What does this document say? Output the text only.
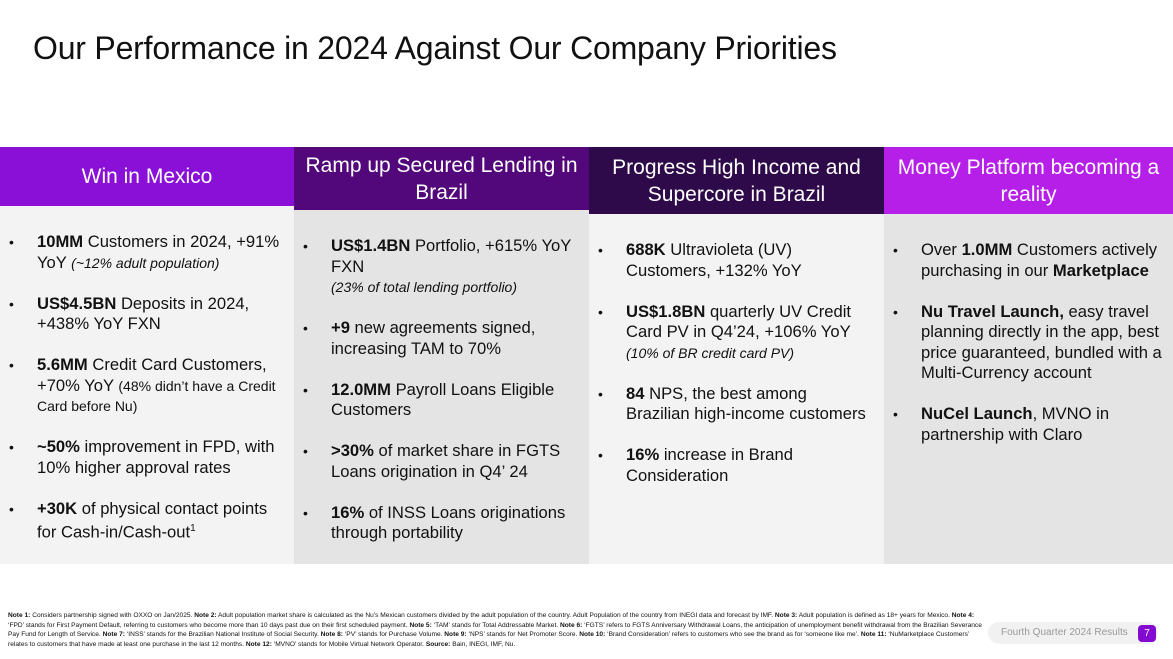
Our Performance in 2024 Against Our Company Priorities
Win in Mexico
• 10MM Customers in 2024, +91% YoY (~12% adult population)
• US$4.5BN Deposits in 2024, +438% YoY FXN
• 5.6MM Credit Card Customers, +70% YoY (48% didn’t have a Credit Card before Nu)
• ~50% improvement in FPD, with 10% higher approval rates
• +30K of physical contact points for Cash-in/Cash-out$^1$
Ramp up Secured Lending in Brazil
• US$1.4BN Portfolio, +615% YoY FXN
(23% of total lending portfolio)
• +9 new agreements signed, increasing TAM to 70%
• 12.0MM Payroll Loans Eligible Customers
• >30% of market share in FGTS Loans origination in Q4’ 24
• 16% of INSS Loans originations through portability
Progress High Income and Supercore in Brazil
• 688K Ultravioleta (UV) Customers, +132% YoY
• US$1.8BN quarterly UV Credit Card PV in Q4’24, +106% YoY
(10% of BR credit card PV)
• 84 NPS, the best among Brazilian high-income customers
• 16% increase in Brand Consideration
Money Platform becoming a reality
• Over 1.0MM Customers actively purchasing in our Marketplace
• Nu Travel Launch, easy travel planning directly in the app, best price guaranteed, bundled with a Multi-Currency account
• NuCel Launch, MVNO in partnership with Claro
Note 1: Considers partnership signed with OXXO on Jan/2025. Note 2: Adult population market share is calculated as the Nu’s Mexican customers divided by the adult population of the country. Adult Population of the country from INEGI data and forecast by IMF. Note 3: Adult population is defined as 18+ years for Mexico. Note 4: ‘FPD’ stands for First Payment Default, referring to customers who become more than 10 days past due on their first scheduled payment. Note 5: ‘TAM’ stands for Total Addressable Market. Note 6: ‘FGTS’ refers to FGTS Anniversary Withdrawal Loans, the anticipation of unemployment benefit withdrawal from the Brazilian Severance Pay Fund for Length of Service. Note 7: ‘INSS’ stands for the Brazilian National Institute of Social Security. Note 8: ‘PV’ stands for Purchase Volume. Note 9: ‘NPS’ stands for Net Promoter Score. Note 10: ‘Brand Consideration’ refers to customers who see the brand as for ‘someone like me’. Note 11: ‘NuMarketplace Customers’ relates to customers that have made at least one purchase in the last 12 months. Note 12: ‘MVNO’ stands for Mobile Virtual Network Operator. Source: Bain, INEGI, IMF, Nu.
Fourth Quarter 2024 Results	7
